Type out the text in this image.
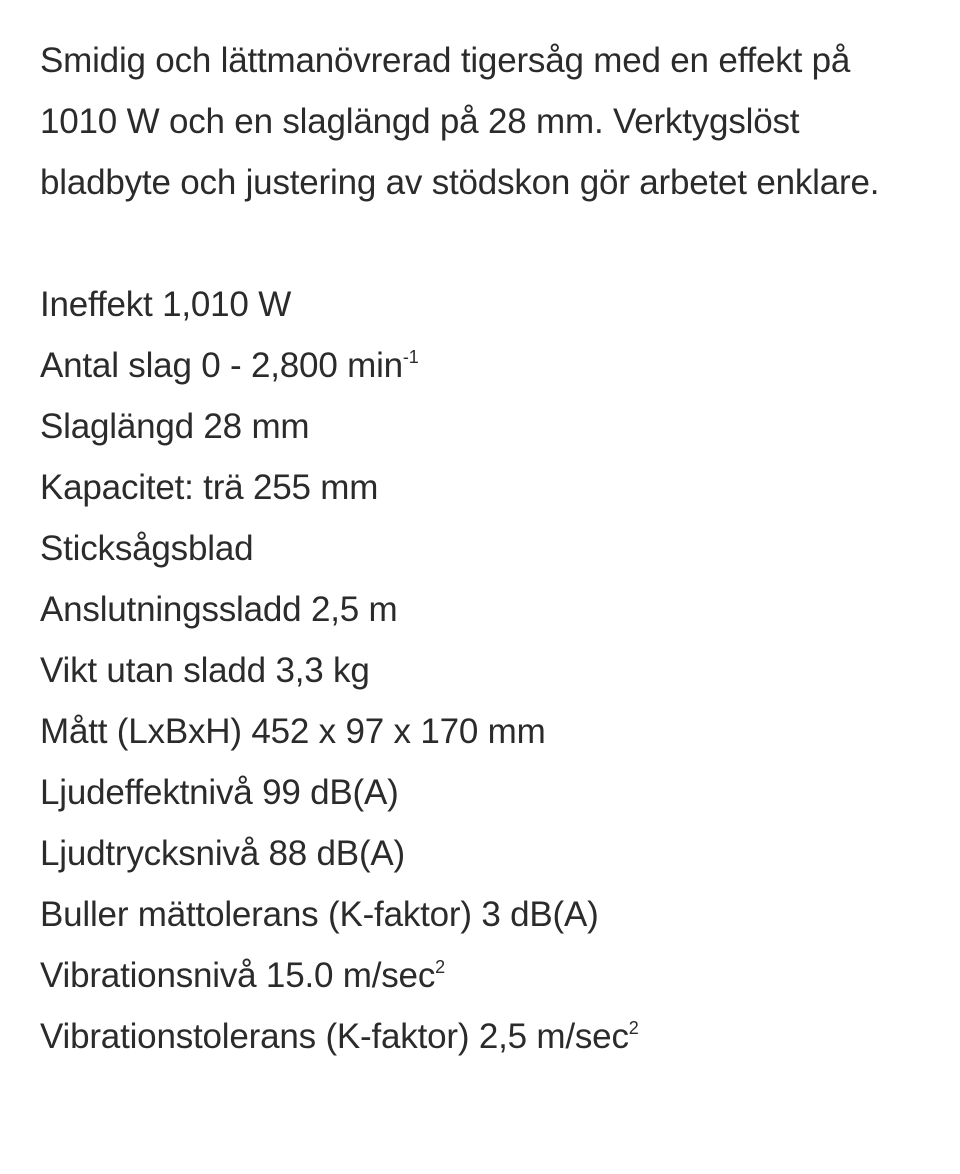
Smidig och lättmanövrerad tigersåg med en effekt på 1010 W och en slaglängd på 28 mm. Verktygslöst bladbyte och justering av stödskon gör arbetet enklare.

Ineffekt 1,010 W
Antal slag 0 - 2,800 $\min^{-1}$
Slaglängd 28 mm
Kapacitet: trä 255 mm
Sticksågsblad
Anslutningssladd 2,5 m
Vikt utan sladd 3,3 kg
Mått (LxBxH) 452 x 97 x 170 mm
Ljudeffektnivå 99 dB(A)
Ljudtrycksnivå 88 dB(A)
Buller mättolerans (K-faktor) 3 dB(A)
Vibrationsnivå 15.0 $m/\sec^2$
Vibrationstolerans (K-faktor) 2,5 $m/\sec^2$
